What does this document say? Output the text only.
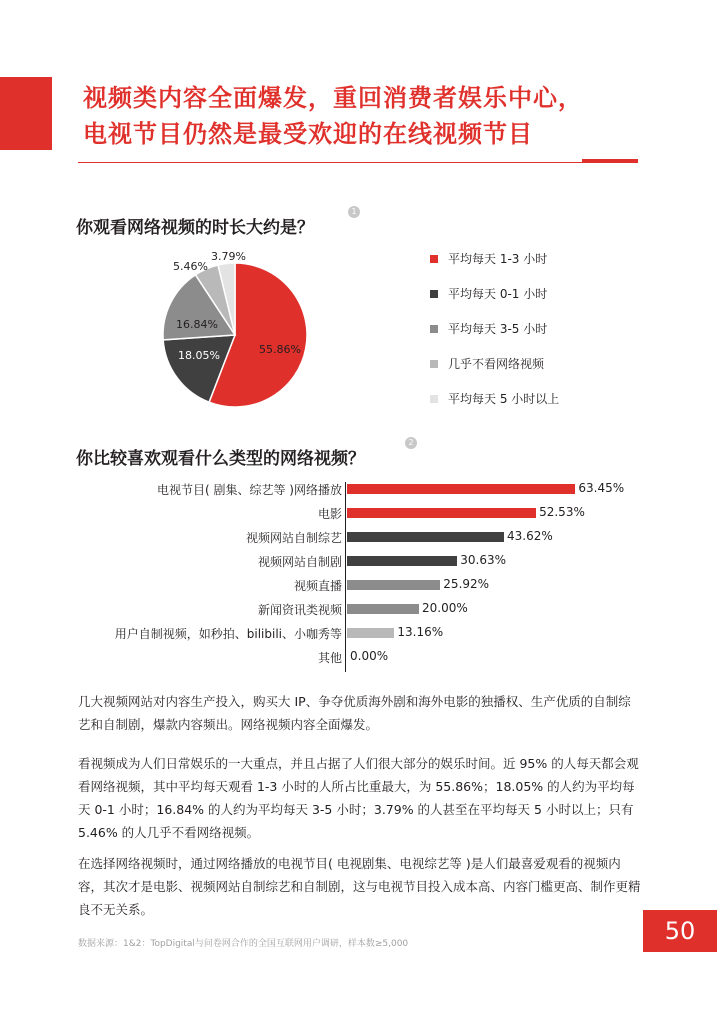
视频类内容全面爆发，重回消费者娱乐中心，
电视节目仍然是最受欢迎的在线视频节目
你观看网络视频的时长大约是？
1
55.86%
18.05%
16.84%
5.46%
3.79%	平均每天 1-3 小时
平均每天 0-1 小时
平均每天 3-5 小时
几乎不看网络视频
平均每天 5 小时以上
你比较喜欢观看什么类型的网络视频？
2
电视节目( 剧集、综艺等 )网络播放	63.45%
电影	52.53%
视频网站自制综艺	43.62%
视频网站自制剧	30.63%
视频直播	25.92%
新闻资讯类视频	20.00%
用户自制视频，如秒拍、bilibili、小咖秀等	13.16%
其他 0.00%
几大视频网站对内容生产投入，购买大 IP、争夺优质海外剧和海外电影的独播权、生产优质的自制综艺和自制剧，爆款内容频出。网络视频内容全面爆发。
看视频成为人们日常娱乐的一大重点，并且占据了人们很大部分的娱乐时间。近 95% 的人每天都会观看网络视频，其中平均每天观看 1-3 小时的人所占比重最大，为 55.86%；18.05% 的人约为平均每天 0-1 小时；16.84% 的人约为平均每天 3-5 小时；3.79% 的人甚至在平均每天 5 小时以上；只有 5.46% 的人几乎不看网络视频。
在选择网络视频时，通过网络播放的电视节目( 电视剧集、电视综艺等 )是人们最喜爱观看的视频内容，其次才是电影、视频网站自制综艺和自制剧，这与电视节目投入成本高、内容门槛更高、制作更精良不无关系。
数据来源：1&2：TopDigital与问卷网合作的全国互联网用户调研，样本数≥5,000	50
